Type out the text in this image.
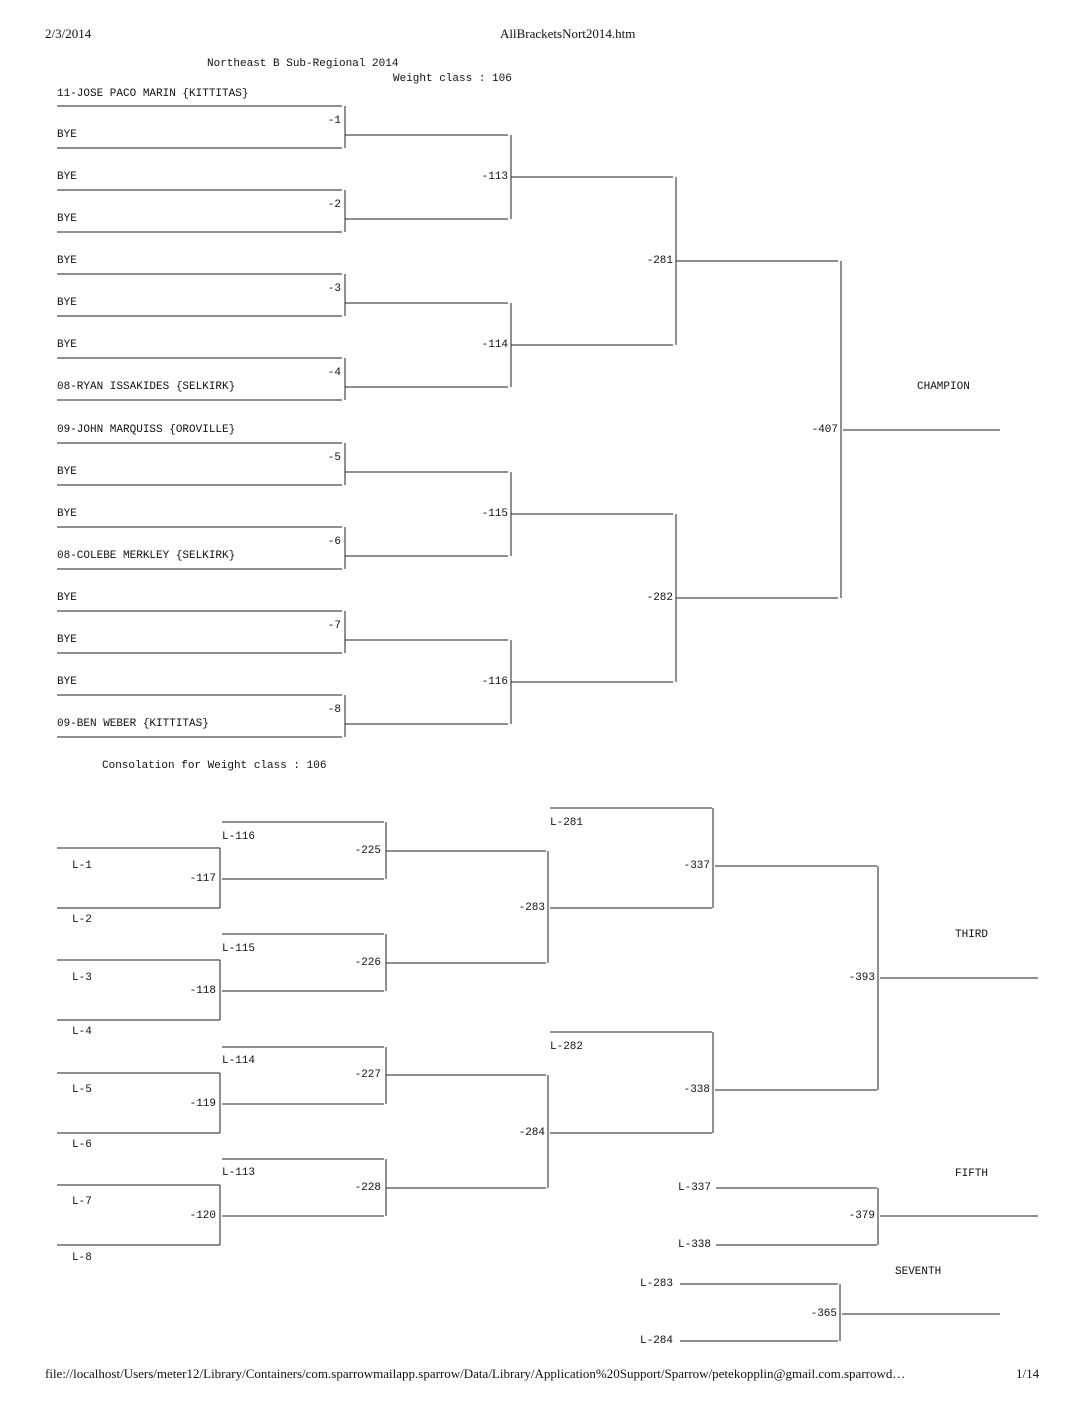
2/3/2014	AllBracketsNort2014.htm
Northeast B Sub-Regional 2014
Weight class : 106
11-JOSE PACO MARIN {KITTITAS}
BYE
BYE
BYE
BYE
BYE
BYE
08-RYAN ISSAKIDES {SELKIRK}
09-JOHN MARQUISS {OROVILLE}
BYE
BYE
08-COLEBE MERKLEY {SELKIRK}
BYE
BYE
BYE
09-BEN WEBER {KITTITAS}
-1
-2
-3
-4
-5
-6
-7
-8
-113
-114
-115
-116
-281
-282
-407
CHAMPION
Consolation for Weight class : 106
L-1
L-2
-117
L-116
-225
L-3
L-4
-118
L-115
-226
L-5
L-6
-119
L-114
-227
L-7
L-8
-120
L-113
-228
-283
-284
L-281
-337
L-282
-338
-393
THIRD
FIFTH
L-337
L-338
-379
SEVENTH
L-283
L-284
-365
file://localhost/Users/meter12/Library/Containers/com.sparrowmailapp.sparrow/Data/Library/Application%20Support/Sparrow/petekopplin@gmail.com.sparrowd…	1/14
